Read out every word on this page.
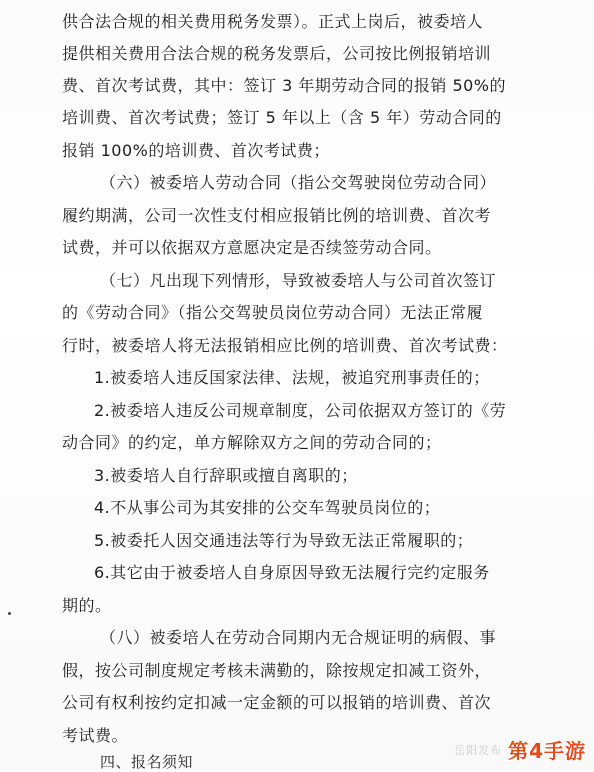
供合法合规的相关费用税务发票）。正式上岗后，被委培人
提供相关费用合法合规的税务发票后，公司按比例报销培训
费、首次考试费，其中：签订 3 年期劳动合同的报销 50%的
培训费、首次考试费；签订 5 年以上（含 5 年）劳动合同的
报销 100%的培训费、首次考试费；
（六）被委培人劳动合同（指公交驾驶岗位劳动合同）
履约期满，公司一次性支付相应报销比例的培训费、首次考
试费，并可以依据双方意愿决定是否续签劳动合同。
（七）凡出现下列情形，导致被委培人与公司首次签订
的《劳动合同》（指公交驾驶员岗位劳动合同）无法正常履
行时，被委培人将无法报销相应比例的培训费、首次考试费：
1.被委培人违反国家法律、法规，被追究刑事责任的；
2.被委培人违反公司规章制度，公司依据双方签订的《劳
动合同》的约定，单方解除双方之间的劳动合同的；
3.被委培人自行辞职或擅自离职的；
4.不从事公司为其安排的公交车驾驶员岗位的；
5.被委托人因交通违法等行为导致无法正常履职的；
6.其它由于被委培人自身原因导致无法履行完约定服务
期的。
（八）被委培人在劳动合同期内无合规证明的病假、事
假，按公司制度规定考核未满勤的，除按规定扣减工资外，
公司有权利按约定扣减一定金额的可以报销的培训费、首次
考试费。
四、报名须知
岳阳发布 第4手游
